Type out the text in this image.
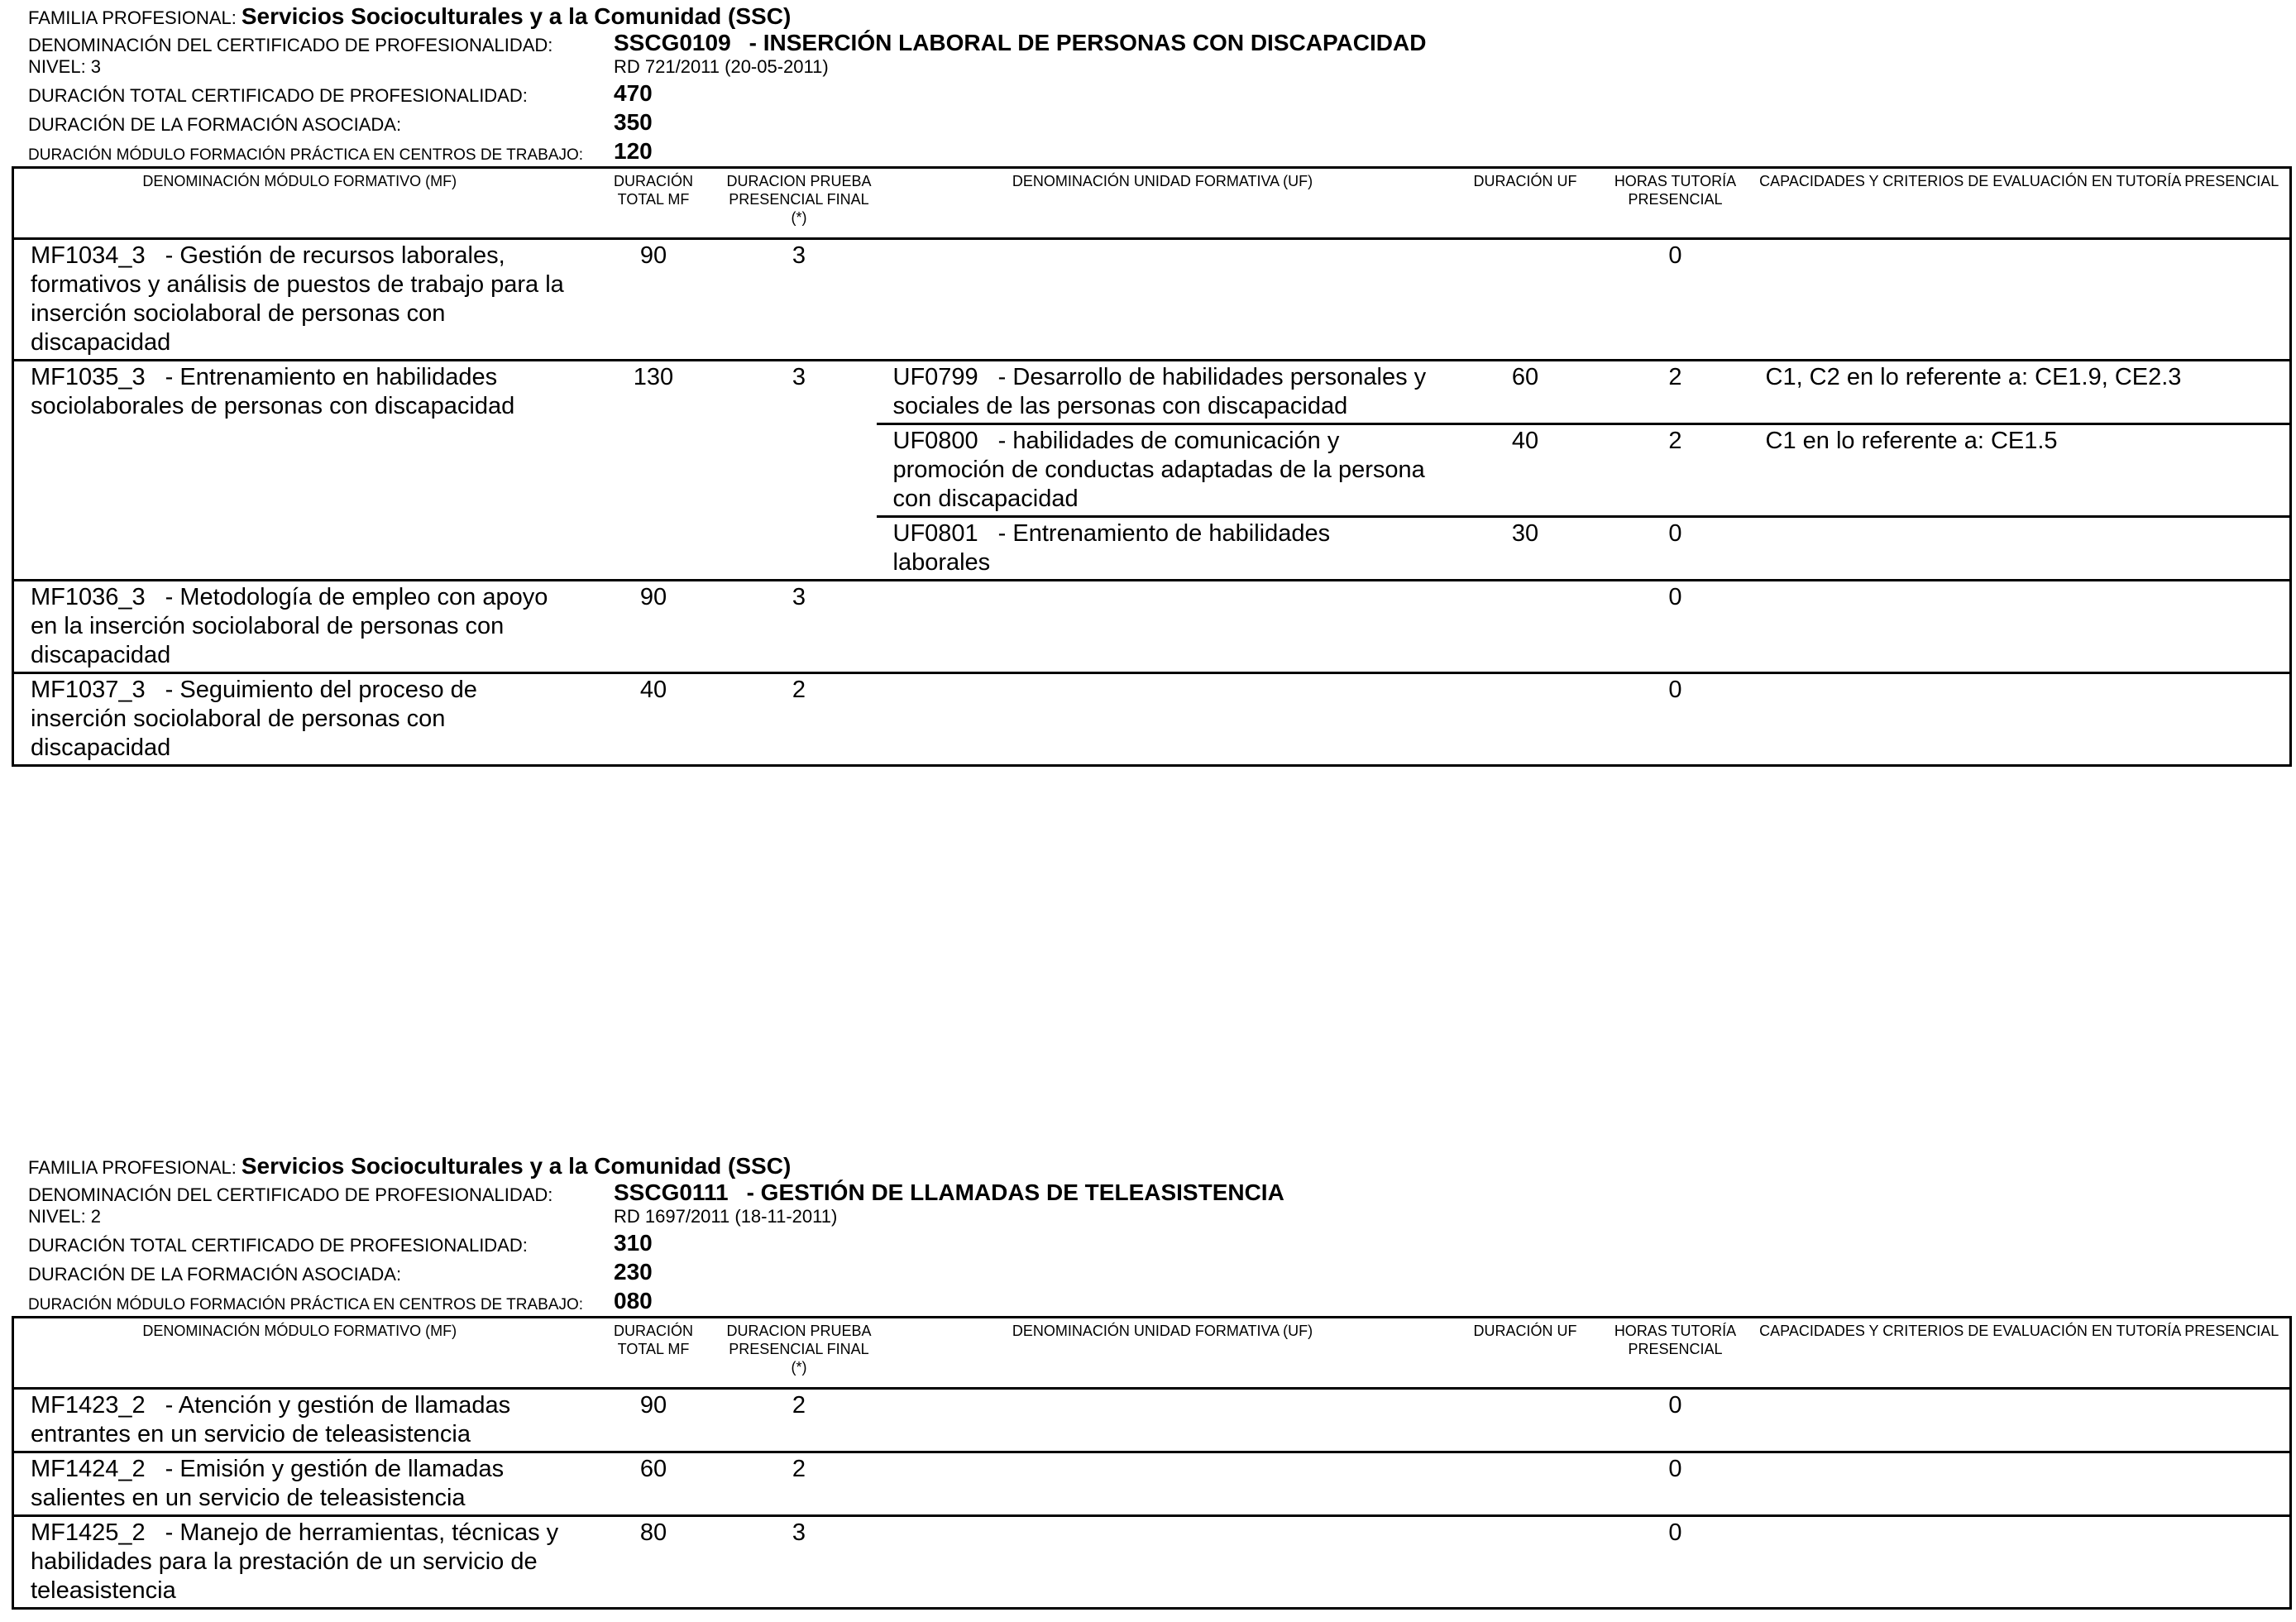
FAMILIA PROFESIONAL: Servicios Socioculturales y a la Comunidad (SSC)
DENOMINACIÓN DEL CERTIFICADO DE PROFESIONALIDAD:	SSCG0109 - INSERCIÓN LABORAL DE PERSONAS CON DISCAPACIDAD
NIVEL: 3	RD 721/2011 (20-05-2011)
DURACIÓN TOTAL CERTIFICADO DE PROFESIONALIDAD:	470
DURACIÓN DE LA FORMACIÓN ASOCIADA:	350
DURACIÓN MÓDULO FORMACIÓN PRÁCTICA EN CENTROS DE TRABAJO: 120
DENOMINACIÓN MÓDULO FORMATIVO (MF)	DURACIÓN TOTAL MF	DURACION PRUEBA PRESENCIAL FINAL (*)	DENOMINACIÓN UNIDAD FORMATIVA (UF)	DURACIÓN UF	HORAS TUTORÍA PRESENCIAL	CAPACIDADES Y CRITERIOS DE EVALUACIÓN EN TUTORÍA PRESENCIAL
MF1034_3 - Gestión de recursos laborales, formativos y análisis de puestos de trabajo para la inserción sociolaboral de personas con discapacidad	90	3			0	
MF1035_3 - Entrenamiento en habilidades sociolaborales de personas con discapacidad	130	3	UF0799 - Desarrollo de habilidades personales y sociales de las personas con discapacidad	60	2	C1, C2 en lo referente a: CE1.9, CE2.3
			UF0800 - habilidades de comunicación y promoción de conductas adaptadas de la persona con discapacidad	40	2	C1 en lo referente a: CE1.5
			UF0801 - Entrenamiento de habilidades laborales	30	0	
MF1036_3 - Metodología de empleo con apoyo en la inserción sociolaboral de personas con discapacidad	90	3			0	
MF1037_3 - Seguimiento del proceso de inserción sociolaboral de personas con discapacidad	40	2			0	
FAMILIA PROFESIONAL: Servicios Socioculturales y a la Comunidad (SSC)
DENOMINACIÓN DEL CERTIFICADO DE PROFESIONALIDAD:	SSCG0111 - GESTIÓN DE LLAMADAS DE TELEASISTENCIA
NIVEL: 2	RD 1697/2011 (18-11-2011)
DURACIÓN TOTAL CERTIFICADO DE PROFESIONALIDAD:	310
DURACIÓN DE LA FORMACIÓN ASOCIADA:	230
DURACIÓN MÓDULO FORMACIÓN PRÁCTICA EN CENTROS DE TRABAJO: 080
DENOMINACIÓN MÓDULO FORMATIVO (MF)	DURACIÓN TOTAL MF	DURACION PRUEBA PRESENCIAL FINAL (*)	DENOMINACIÓN UNIDAD FORMATIVA (UF)	DURACIÓN UF	HORAS TUTORÍA PRESENCIAL	CAPACIDADES Y CRITERIOS DE EVALUACIÓN EN TUTORÍA PRESENCIAL
MF1423_2 - Atención y gestión de llamadas entrantes en un servicio de teleasistencia	90	2			0	
MF1424_2 - Emisión y gestión de llamadas salientes en un servicio de teleasistencia	60	2			0	
MF1425_2 - Manejo de herramientas, técnicas y habilidades para la prestación de un servicio de teleasistencia	80	3			0	
